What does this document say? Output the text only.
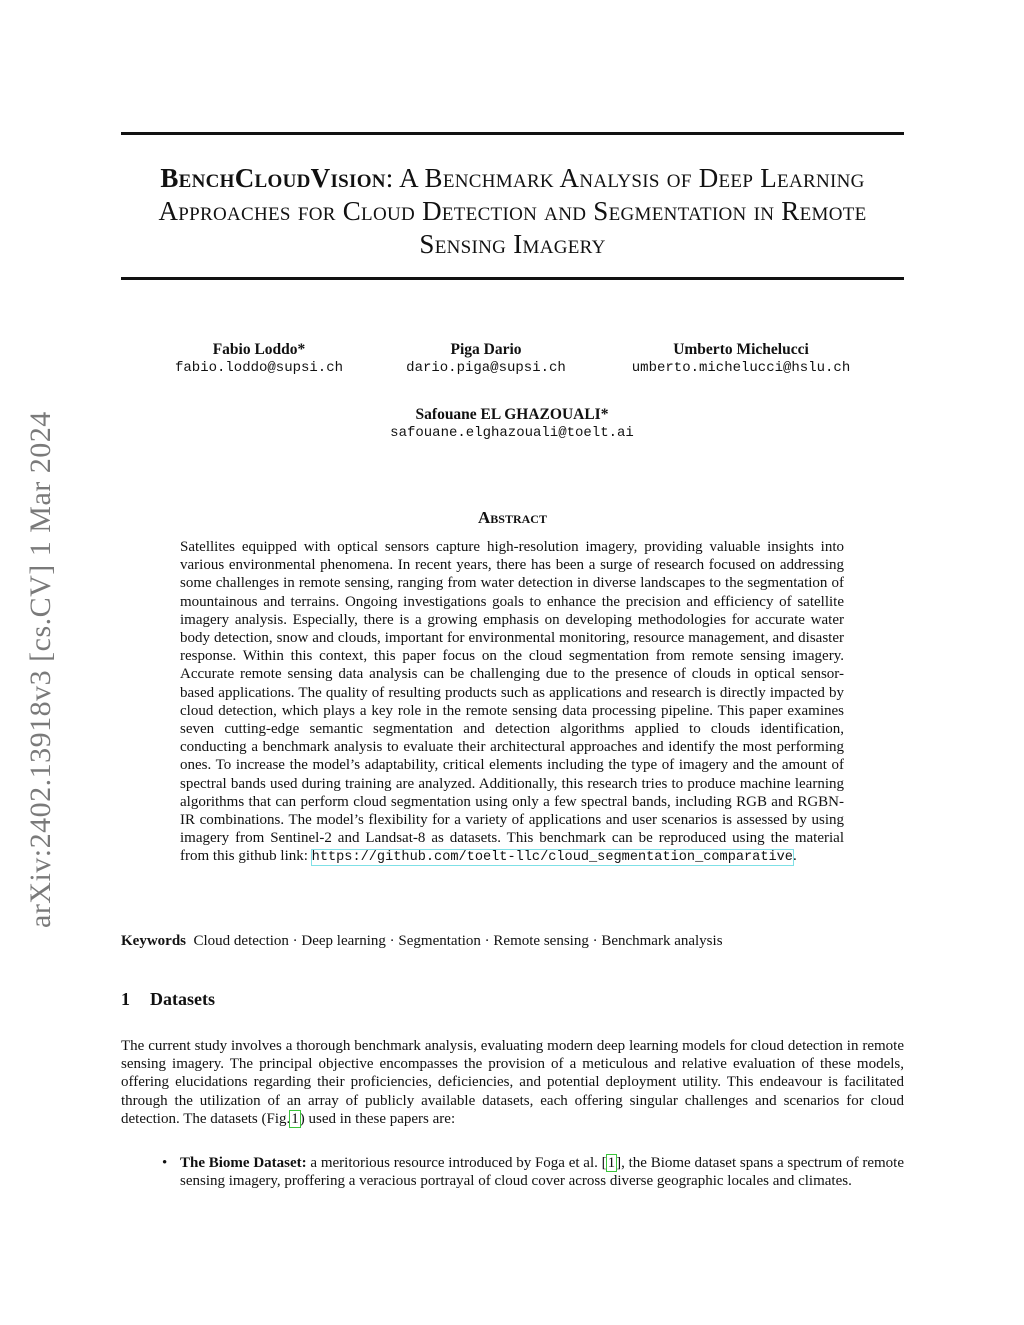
arXiv:2402.13918v3 [cs.CV] 1 Mar 2024
BenchCloudVision: A Benchmark Analysis of Deep Learning Approaches for Cloud Detection and Segmentation in Remote Sensing Imagery
Fabio Loddo*
fabio.loddo@supsi.ch
Piga Dario
dario.piga@supsi.ch
Umberto Michelucci
umberto.michelucci@hslu.ch
Safouane EL GHAZOUALI*
safouane.elghazouali@toelt.ai
Abstract
Satellites equipped with optical sensors capture high-resolution imagery, providing valuable insights into various environmental phenomena. In recent years, there has been a surge of research focused on addressing some challenges in remote sensing, ranging from water detection in diverse landscapes to the segmentation of mountainous and terrains. Ongoing investigations goals to enhance the precision and efficiency of satellite imagery analysis. Especially, there is a growing emphasis on developing methodologies for accurate water body detection, snow and clouds, important for environmental monitoring, resource management, and disaster response. Within this context, this paper focus on the cloud segmentation from remote sensing imagery. Accurate remote sensing data analysis can be challenging due to the presence of clouds in optical sensor-based applications. The quality of resulting products such as applications and research is directly impacted by cloud detection, which plays a key role in the remote sensing data processing pipeline. This paper examines seven cutting-edge semantic segmentation and detection algorithms applied to clouds identification, conducting a benchmark analysis to evaluate their architectural approaches and identify the most performing ones. To increase the model’s adaptability, critical elements including the type of imagery and the amount of spectral bands used during training are analyzed. Additionally, this research tries to produce machine learning algorithms that can perform cloud segmentation using only a few spectral bands, including RGB and RGBN-IR combinations. The model’s flexibility for a variety of applications and user scenarios is assessed by using imagery from Sentinel-2 and Landsat-8 as datasets. This benchmark can be reproduced using the material from this github link: https://github.com/toelt-llc/cloud_segmentation_comparative.
Keywords Cloud detection · Deep learning · Segmentation · Remote sensing · Benchmark analysis
1 Datasets
The current study involves a thorough benchmark analysis, evaluating modern deep learning models for cloud detection in remote sensing imagery. The principal objective encompasses the provision of a meticulous and relative evaluation of these models, offering elucidations regarding their proficiencies, deficiencies, and potential deployment utility. This endeavour is facilitated through the utilization of an array of publicly available datasets, each offering singular challenges and scenarios for cloud detection. The datasets (Fig.1) used in these papers are:
• The Biome Dataset: a meritorious resource introduced by Foga et al. [1], the Biome dataset spans a spectrum of remote sensing imagery, proffering a veracious portrayal of cloud cover across diverse geographic locales and climates.
